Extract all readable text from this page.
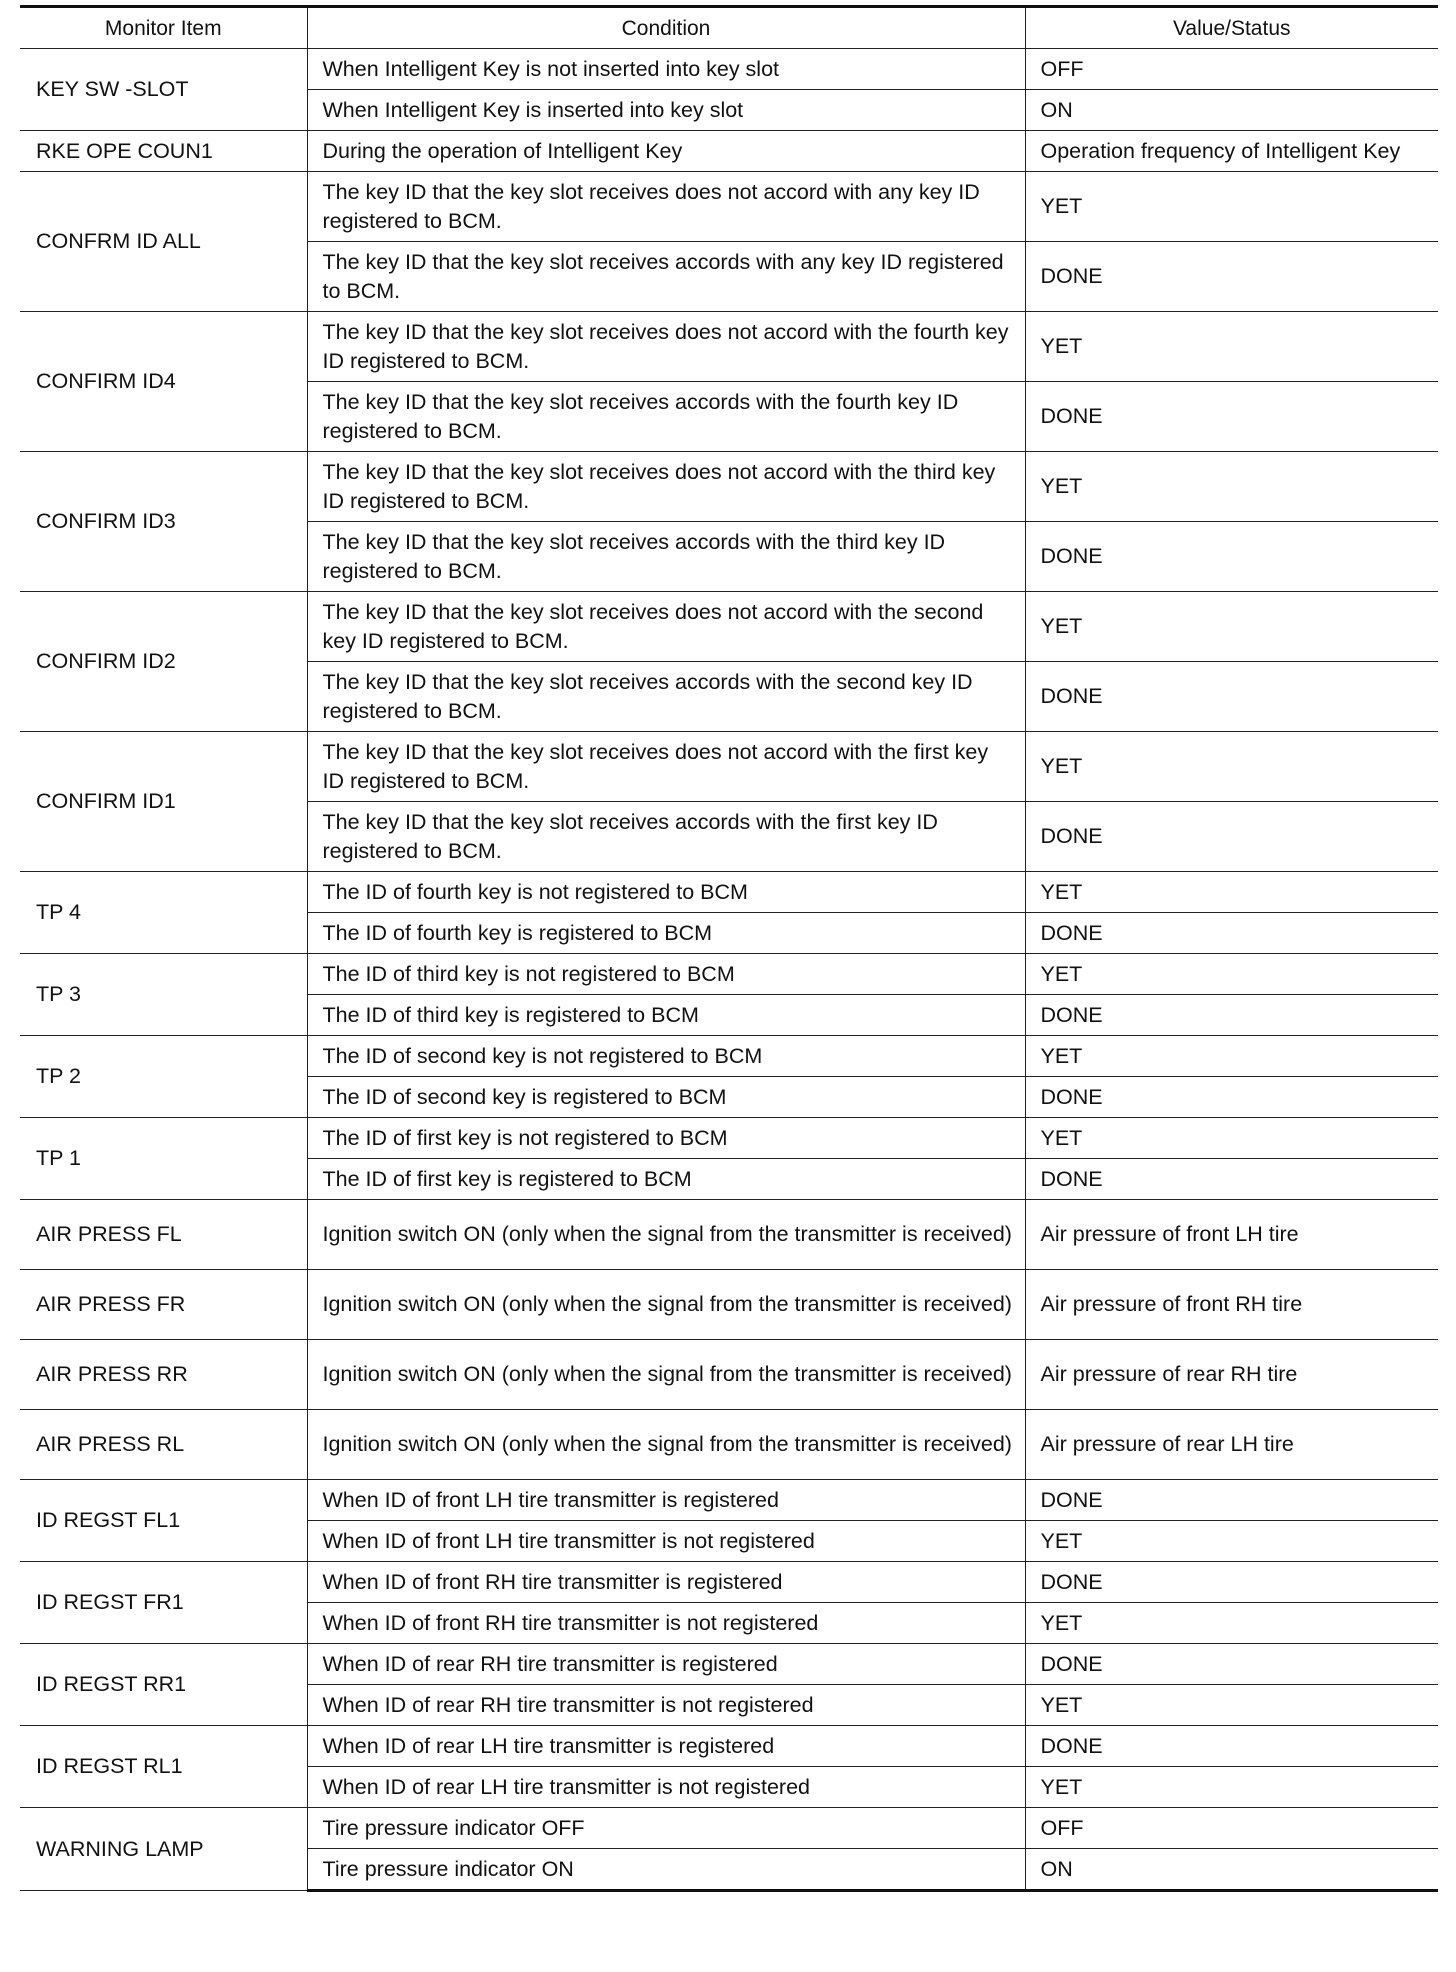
Monitor Item	Condition	Value/Status
KEY SW -SLOT	When Intelligent Key is not inserted into key slot	OFF
	When Intelligent Key is inserted into key slot	ON
RKE OPE COUN1	During the operation of Intelligent Key	Operation frequency of Intelligent Key
CONFRM ID ALL	The key ID that the key slot receives does not accord with any key ID registered to BCM.	YET
	The key ID that the key slot receives accords with any key ID registered to BCM.	DONE
CONFIRM ID4	The key ID that the key slot receives does not accord with the fourth key ID registered to BCM.	YET
	The key ID that the key slot receives accords with the fourth key ID registered to BCM.	DONE
CONFIRM ID3	The key ID that the key slot receives does not accord with the third key ID registered to BCM.	YET
	The key ID that the key slot receives accords with the third key ID registered to BCM.	DONE
CONFIRM ID2	The key ID that the key slot receives does not accord with the second key ID registered to BCM.	YET
	The key ID that the key slot receives accords with the second key ID registered to BCM.	DONE
CONFIRM ID1	The key ID that the key slot receives does not accord with the first key ID registered to BCM.	YET
	The key ID that the key slot receives accords with the first key ID registered to BCM.	DONE
TP 4	The ID of fourth key is not registered to BCM	YET
	The ID of fourth key is registered to BCM	DONE
TP 3	The ID of third key is not registered to BCM	YET
	The ID of third key is registered to BCM	DONE
TP 2	The ID of second key is not registered to BCM	YET
	The ID of second key is registered to BCM	DONE
TP 1	The ID of first key is not registered to BCM	YET
	The ID of first key is registered to BCM	DONE
AIR PRESS FL	Ignition switch ON (only when the signal from the transmitter is received)	Air pressure of front LH tire
AIR PRESS FR	Ignition switch ON (only when the signal from the transmitter is received)	Air pressure of front RH tire
AIR PRESS RR	Ignition switch ON (only when the signal from the transmitter is received)	Air pressure of rear RH tire
AIR PRESS RL	Ignition switch ON (only when the signal from the transmitter is received)	Air pressure of rear LH tire
ID REGST FL1	When ID of front LH tire transmitter is registered	DONE
	When ID of front LH tire transmitter is not registered	YET
ID REGST FR1	When ID of front RH tire transmitter is registered	DONE
	When ID of front RH tire transmitter is not registered	YET
ID REGST RR1	When ID of rear RH tire transmitter is registered	DONE
	When ID of rear RH tire transmitter is not registered	YET
ID REGST RL1	When ID of rear LH tire transmitter is registered	DONE
	When ID of rear LH tire transmitter is not registered	YET
WARNING LAMP	Tire pressure indicator OFF	OFF
	Tire pressure indicator ON	ON
